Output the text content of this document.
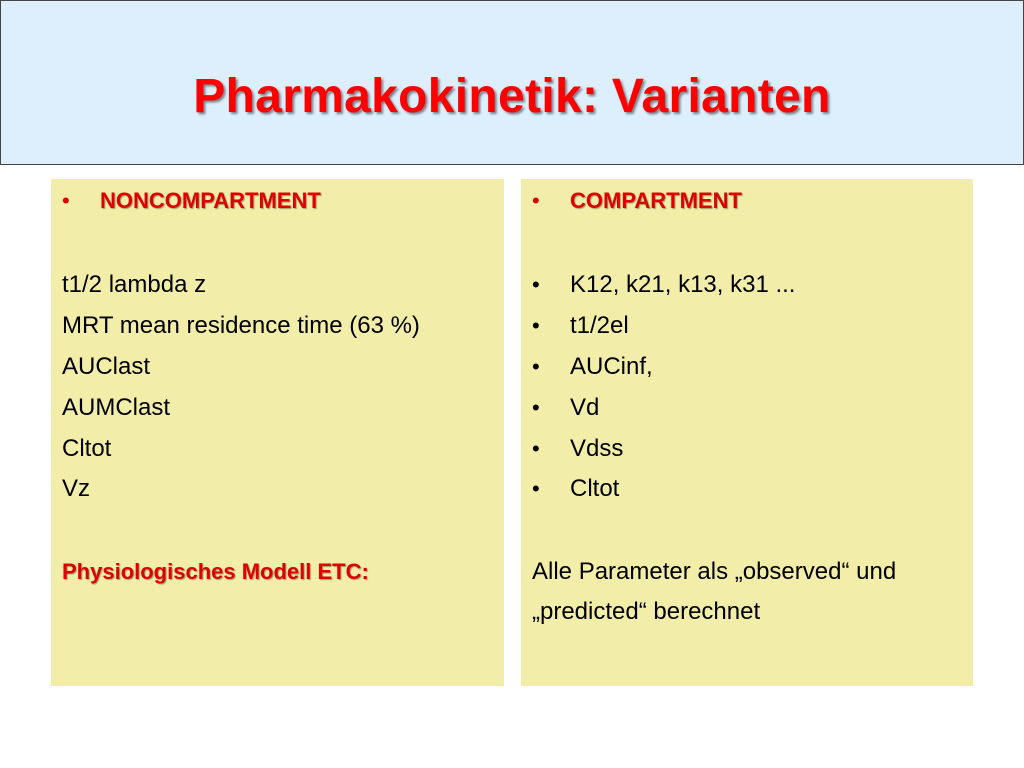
Pharmakokinetik: Varianten
•	NONCOMPARTMENT
t1/2 lambda z
MRT mean residence time (63 %)
AUClast
AUMClast
Cltot
Vz
Physiologisches Modell ETC:
•	COMPARTMENT
•	K12, k21, k13, k31 ...
•	t1/2el
•	AUCinf,
•	Vd
•	Vdss
•	Cltot
Alle Parameter als „observed“ und
„predicted“ berechnet
